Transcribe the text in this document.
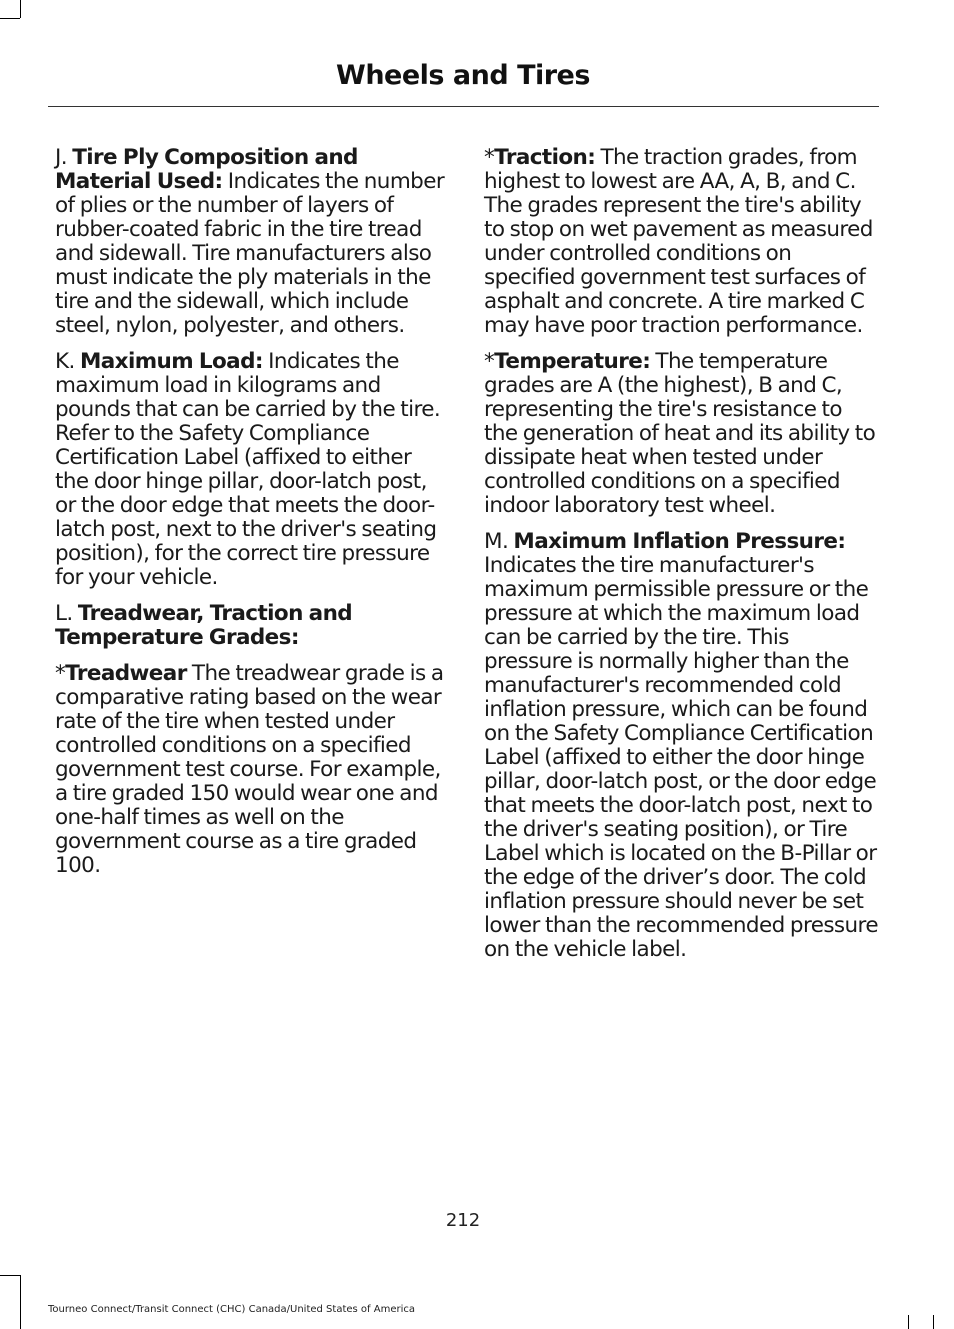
Wheels and Tires

J. Tire Ply Composition and Material Used: Indicates the number of plies or the number of layers of rubber-coated fabric in the tire tread and sidewall. Tire manufacturers also must indicate the ply materials in the tire and the sidewall, which include steel, nylon, polyester, and others.

K. Maximum Load: Indicates the maximum load in kilograms and pounds that can be carried by the tire. Refer to the Safety Compliance Certification Label (affixed to either the door hinge pillar, door-latch post, or the door edge that meets the door-latch post, next to the driver's seating position), for the correct tire pressure for your vehicle.

L. Treadwear, Traction and Temperature Grades:

*Treadwear The treadwear grade is a comparative rating based on the wear rate of the tire when tested under controlled conditions on a specified government test course. For example, a tire graded 150 would wear one and one-half times as well on the government course as a tire graded 100.

*Traction: The traction grades, from highest to lowest are AA, A, B, and C. The grades represent the tire's ability to stop on wet pavement as measured under controlled conditions on specified government test surfaces of asphalt and concrete. A tire marked C may have poor traction performance.

*Temperature: The temperature grades are A (the highest), B and C, representing the tire's resistance to the generation of heat and its ability to dissipate heat when tested under controlled conditions on a specified indoor laboratory test wheel.

M. Maximum Inflation Pressure: Indicates the tire manufacturer's maximum permissible pressure or the pressure at which the maximum load can be carried by the tire. This pressure is normally higher than the manufacturer's recommended cold inflation pressure, which can be found on the Safety Compliance Certification Label (affixed to either the door hinge pillar, door-latch post, or the door edge that meets the door-latch post, next to the driver's seating position), or Tire Label which is located on the B-Pillar or the edge of the driver’s door. The cold inflation pressure should never be set lower than the recommended pressure on the vehicle label.

212
Tourneo Connect/Transit Connect (CHC) Canada/United States of America
